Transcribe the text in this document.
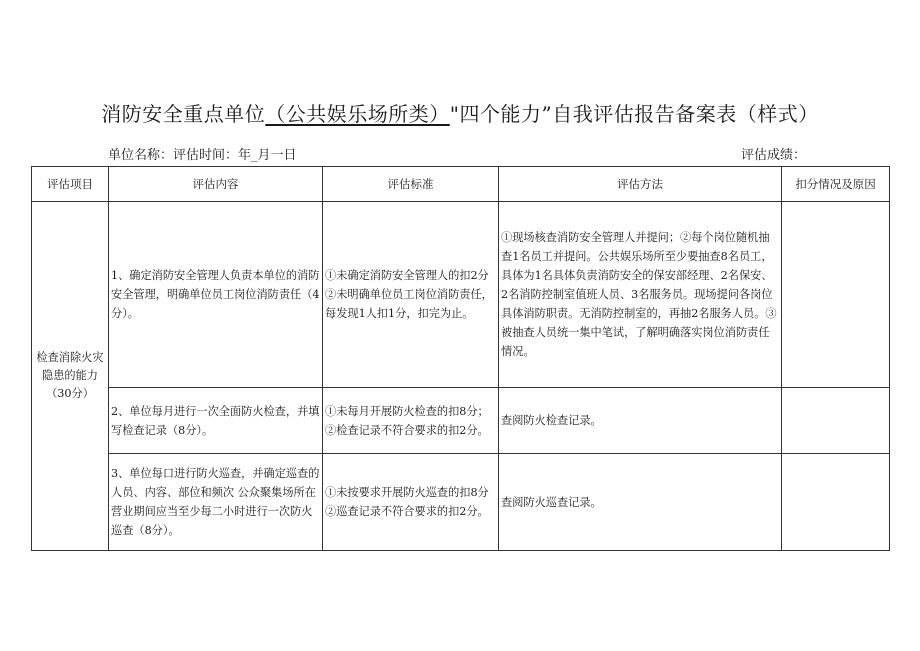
消防安全重点单位（公共娱乐场所类）"四个能力”自我评估报告备案表（样式）
单位名称：评估时间：年_月一日	评估成绩：
评估项目	评估内容	评估标准	评估方法	扣分情况及原因
检查消除火灾隐患的能力（30分）	1、确定消防安全管理人负责本单位的消防安全管理，明确单位员工岗位消防责任（4分）。	①未确定消防安全管理人的扣2分②未明确单位员工岗位消防责任，每发现1人扣1分，扣完为止。	①现场核查消防安全管理人并提问；②每个岗位随机抽查1名员工并提问。公共娱乐场所至少要抽查8名员工，具体为1名具体负责消防安全的保安部经理、2名保安、2名消防控制室值班人员、3名服务员。现场提问各岗位具体消防职责。无消防控制室的，再抽2名服务人员。③被抽查人员统一集中笔试，了解明确落实岗位消防责任情况。	
	2、单位每月进行一次全面防火检查，并填写检查记录（8分）。	①未每月开展防火检查的扣8分；②检查记录不符合要求的扣2分。	查阅防火检查记录。	
	3、单位每口进行防火巡查，并确定巡查的人员、内容、部位和频次 公众聚集场所在营业期间应当至少每二小时进行一次防火巡查（8分）。	①未按要求开展防火巡查的扣8分②巡查记录不符合要求的扣2分。	查阅防火巡查记录。	
